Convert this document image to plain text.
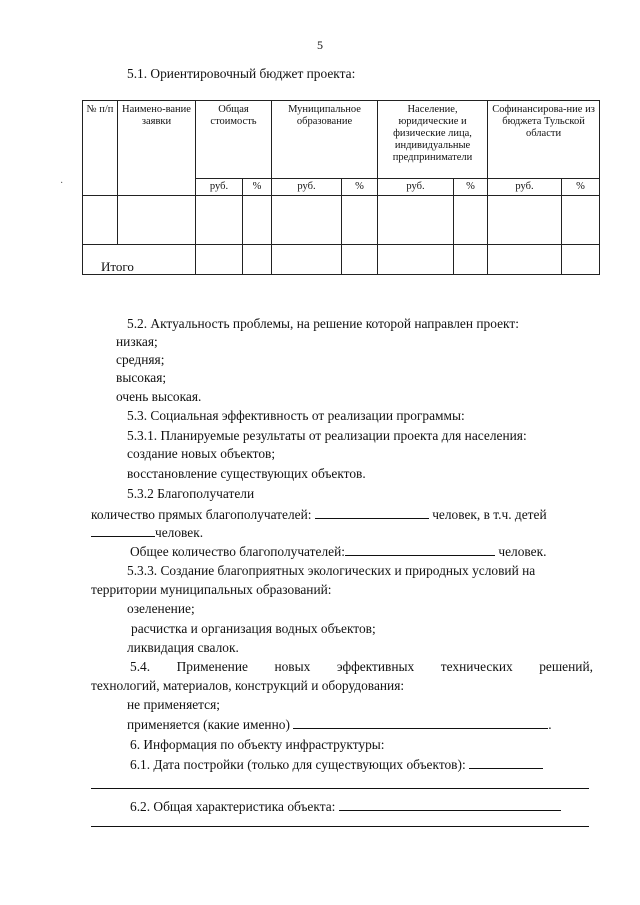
5
5.1. Ориентировочный бюджет проекта:
·
№ п/п	Наимено-вание заявки	Общая стоимость		Муниципальное образование		Население, юридические и физические лица, индивидуальные предприниматели		Софинансирова-ние из бюджета Тульской области	
		руб.	%	руб.	%	руб.	%	руб.	%

Итого									
5.2. Актуальность проблемы, на решение которой направлен проект:
низкая;
средняя;
высокая;
очень высокая.
5.3. Социальная эффективность от реализации программы:
5.3.1. Планируемые результаты от реализации проекта для населения:
создание новых объектов;
восстановление существующих объектов.
5.3.2 Благополучатели
количество прямых благополучателей:	человек, в т.ч. детей
человек.
Общее количество благополучателей:	человек.
5.3.3. Создание благоприятных экологических и природных условий на
территории муниципальных образований:
озеленение;
расчистка и организация водных объектов;
ликвидация свалок.
5.4. Применение новых эффективных технических решений,
технологий, материалов, конструкций и оборудования:
не применяется;
применяется (какие именно)	.
6. Информация по объекту инфраструктуры:
6.1. Дата постройки (только для существующих объектов):
6.2. Общая характеристика объекта:
